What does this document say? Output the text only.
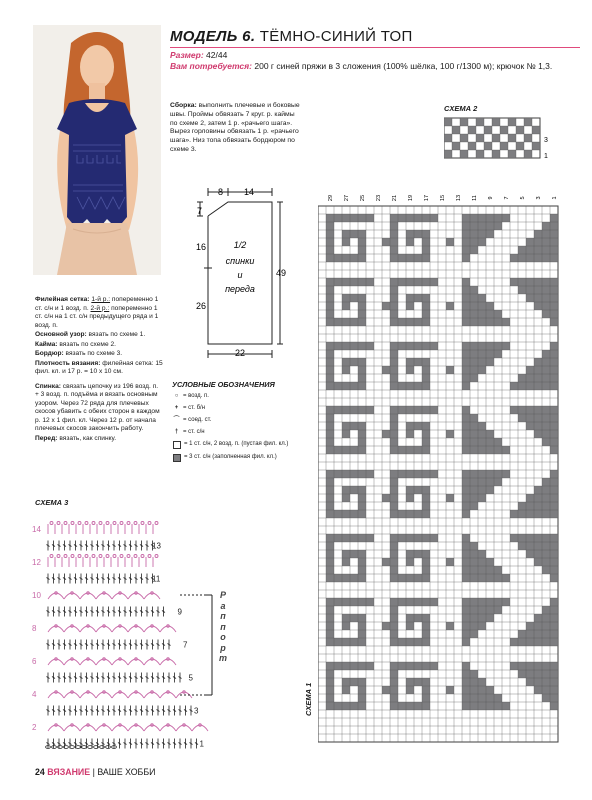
МОДЕЛЬ 6. ТЁМНО-СИНИЙ ТОП
Размер: 42/44
Вам потребуется: 200 г синей пряжи в 3 сложения (100% шёлка, 100 г/1300 м); крючок № 1,3.
Сборка: выполнить плечевые и боковые швы. Проймы обвязать 7 круг. р. каймы по схеме 2, затем 1 р. «рачьего шага». Вырез горловины обвязать 1 р. «рачьего шага». Низ топа обвязать бордюром по схеме 3.

Филейная сетка: 1-й р.: попеременно 1 ст. с/н и 1 возд. п. 2-й р.: попеременно 1 ст. с/н на 1 ст. с/н предыдущего ряда и 1 возд. п.

Основной узор: вязать по схеме 1.

Кайма: вязать по схеме 2.

Бордюр: вязать по схеме 3.

Плотность вязания: филейная сетка: 15 фил. кл. и 17 р. = 10 х 10 см.

Спинка: связать цепочку из 196 возд. п. + 3 возд. п. подъёма и вязать основным узором. Через 72 ряда для плечевых скосов убавить с обеих сторон в каждом р. 12 х 1 фил. кл. Через 12 р. от начала плечевых скосов закончить работу.

Перед: вязать, как спинку.

8 14
7
16
26
49
22
1/2
спинки
и
переда
УСЛОВНЫЕ ОБОЗНАЧЕНИЯ
○ = возд. п.
+ = ст. б/н
⌒ = соед. ст.
† = ст. с/н
= 1 ст. с/н, 2 возд. п. (пустая фил. кл.)
= 3 ст. с/н (заполненная фил. кл.)
СХЕМА 2
3
1
СХЕМА 1
29 27 25 23 21 19 17 15 13 11 9 7 5 3 1
СХЕМА 3
14
13
12
11
10
9
8
7
6
5
4
3
2
1
Р
а
п
п
о
р
т
24 ВЯЗАНИЕ | ВАШЕ ХОББИ
